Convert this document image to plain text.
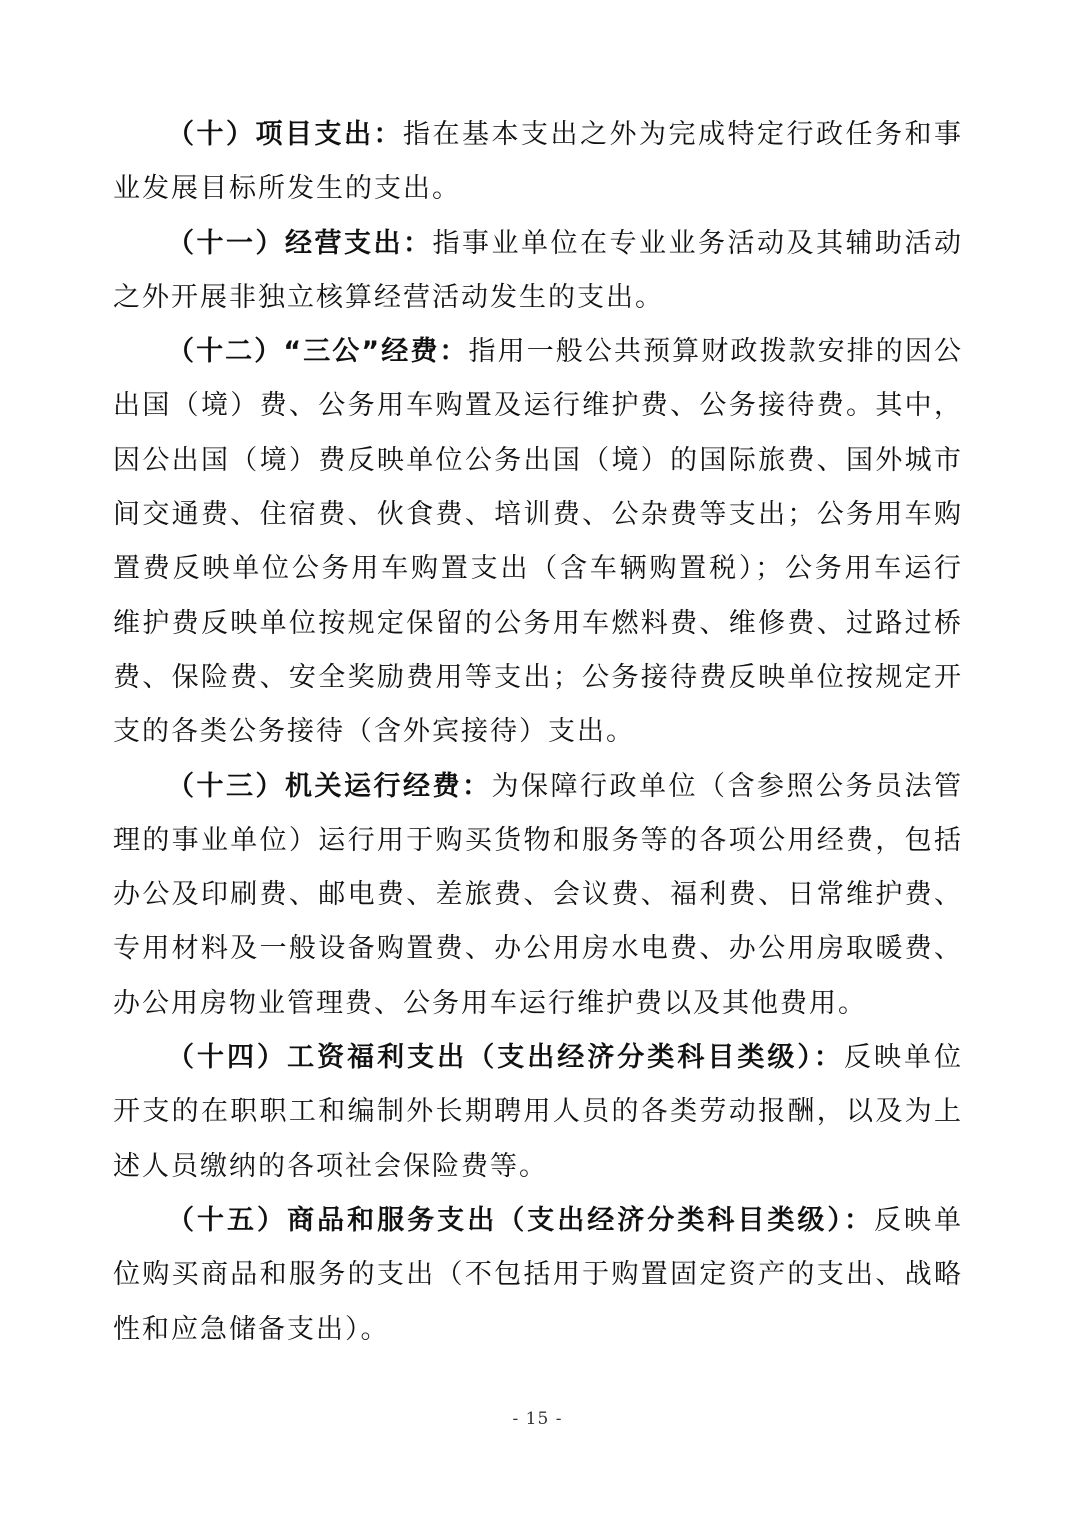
（十）项目支出：指在基本支出之外为完成特定行政任务和事业发展目标所发生的支出。

（十一）经营支出：指事业单位在专业业务活动及其辅助活动之外开展非独立核算经营活动发生的支出。

（十二）“三公”经费：指用一般公共预算财政拨款安排的因公出国（境）费、公务用车购置及运行维护费、公务接待费。其中，因公出国（境）费反映单位公务出国（境）的国际旅费、国外城市间交通费、住宿费、伙食费、培训费、公杂费等支出；公务用车购置费反映单位公务用车购置支出（含车辆购置税）；公务用车运行维护费反映单位按规定保留的公务用车燃料费、维修费、过路过桥费、保险费、安全奖励费用等支出；公务接待费反映单位按规定开支的各类公务接待（含外宾接待）支出。

（十三）机关运行经费：为保障行政单位（含参照公务员法管理的事业单位）运行用于购买货物和服务等的各项公用经费，包括办公及印刷费、邮电费、差旅费、会议费、福利费、日常维护费、专用材料及一般设备购置费、办公用房水电费、办公用房取暖费、办公用房物业管理费、公务用车运行维护费以及其他费用。

（十四）工资福利支出（支出经济分类科目类级）：反映单位开支的在职职工和编制外长期聘用人员的各类劳动报酬，以及为上述人员缴纳的各项社会保险费等。

（十五）商品和服务支出（支出经济分类科目类级）：反映单位购买商品和服务的支出（不包括用于购置固定资产的支出、战略性和应急储备支出）。

- 15 -
